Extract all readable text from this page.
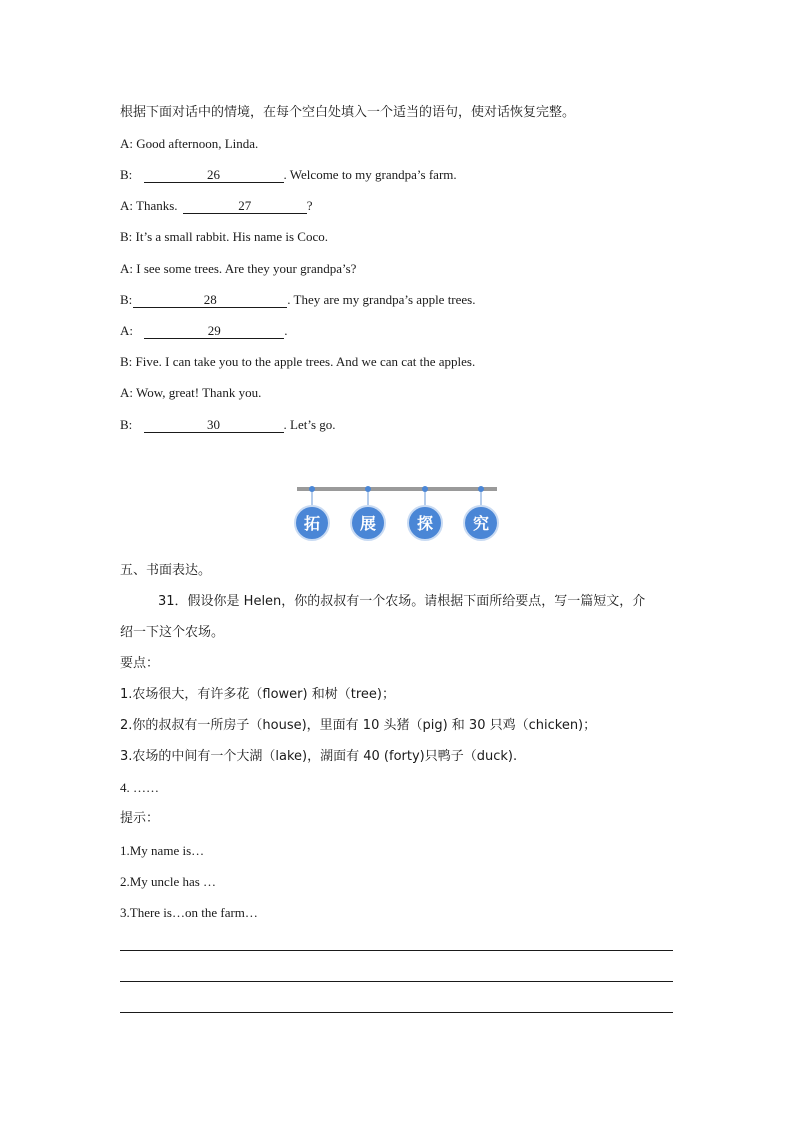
根据下面对话中的情境，在每个空白处填入一个适当的语句，使对话恢复完整。
A: Good afternoon, Linda.
B:	26	. Welcome to my grandpa’s farm.
A: Thanks.	27	?
B: It’s a small rabbit. His name is Coco.
A: I see some trees. Are they your grandpa’s?
B:	28	. They are my grandpa’s apple trees.
A:	29	.
B: Five. I can take you to the apple trees. And we can cat the apples.
A: Wow, great! Thank you.
B:	30	. Let’s go.
拓 展	探 究
五、书面表达。
31．假设你是 Helen，你的叔叔有一个农场。请根据下面所给要点，写一篇短文，介
绍一下这个农场。
要点：
1.农场很大，有许多花（flower) 和树（tree)；
2.你的叔叔有一所房子（house)，里面有 10 头猪（pig) 和 30 只鸡（chicken)；
3.农场的中间有一个大湖（lake)，湖面有 40 (forty)只鸭子（duck).
4. ……
提示：
1.My name is…
2.My uncle has …
3.There is…on the farm…
